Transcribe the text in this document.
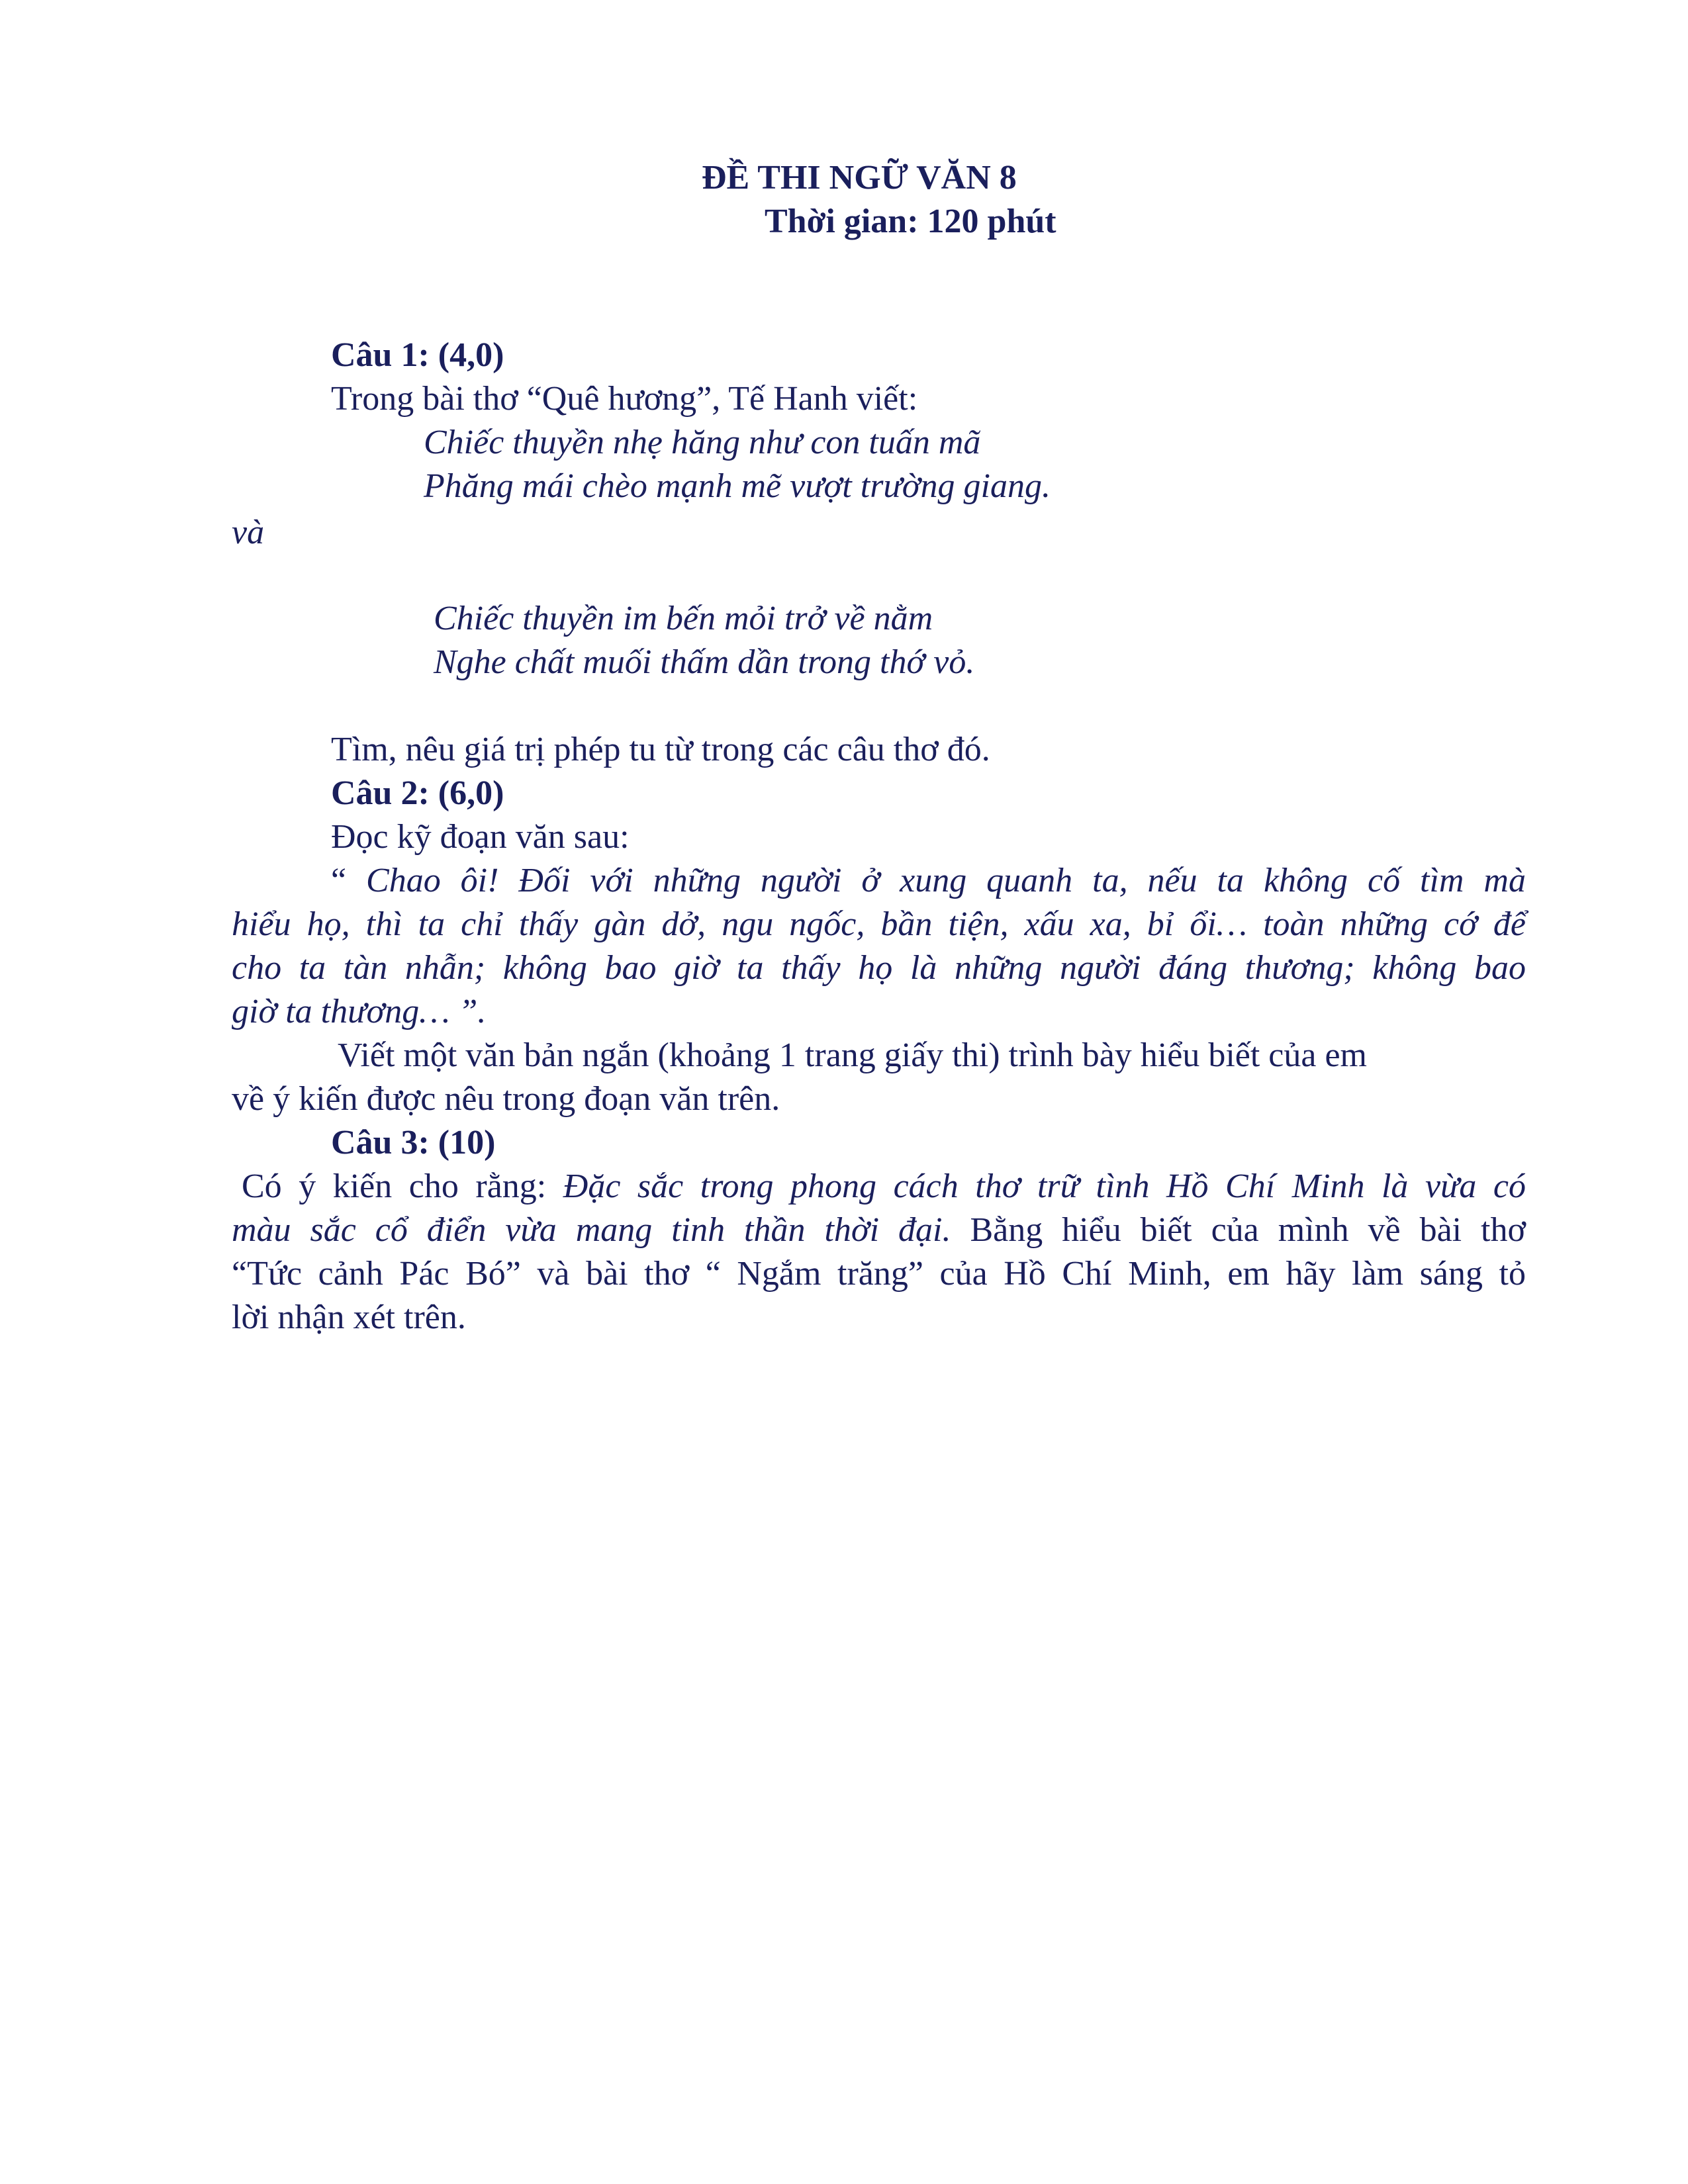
ĐỀ THI NGỮ VĂN 8
Thời gian: 120 phút
Câu 1: (4,0)
Trong bài thơ “Quê hương”, Tế Hanh viết:
Chiếc thuyền nhẹ hăng như con tuấn mã
Phăng mái chèo mạnh mẽ vượt trường giang.
và
Chiếc thuyền im bến mỏi trở về nằm
Nghe chất muối thấm dần trong thớ vỏ.
Tìm, nêu giá trị phép tu từ trong các câu thơ đó.
Câu 2: (6,0)
Đọc kỹ đoạn văn sau:
“ Chao ôi! Đối với những người ở xung quanh ta, nếu ta không cố tìm mà
hiểu họ, thì ta chỉ thấy gàn dở, ngu ngốc, bần tiện, xấu xa, bỉ ổi… toàn những cớ để
cho ta tàn nhẫn; không bao giờ ta thấy họ là những người đáng thương; không bao
giờ ta thương… ”.
Viết một văn bản ngắn (khoảng 1 trang giấy thi) trình bày hiểu biết của em
về ý kiến được nêu trong đoạn văn trên.
Câu 3: (10)
Có ý kiến cho rằng: Đặc sắc trong phong cách thơ trữ tình Hồ Chí Minh là vừa có
màu sắc cổ điển vừa mang tinh thần thời đại. Bằng hiểu biết của mình về bài thơ
“Tức cảnh Pác Bó” và bài thơ “ Ngắm trăng” của Hồ Chí Minh, em hãy làm sáng tỏ
lời nhận xét trên.
